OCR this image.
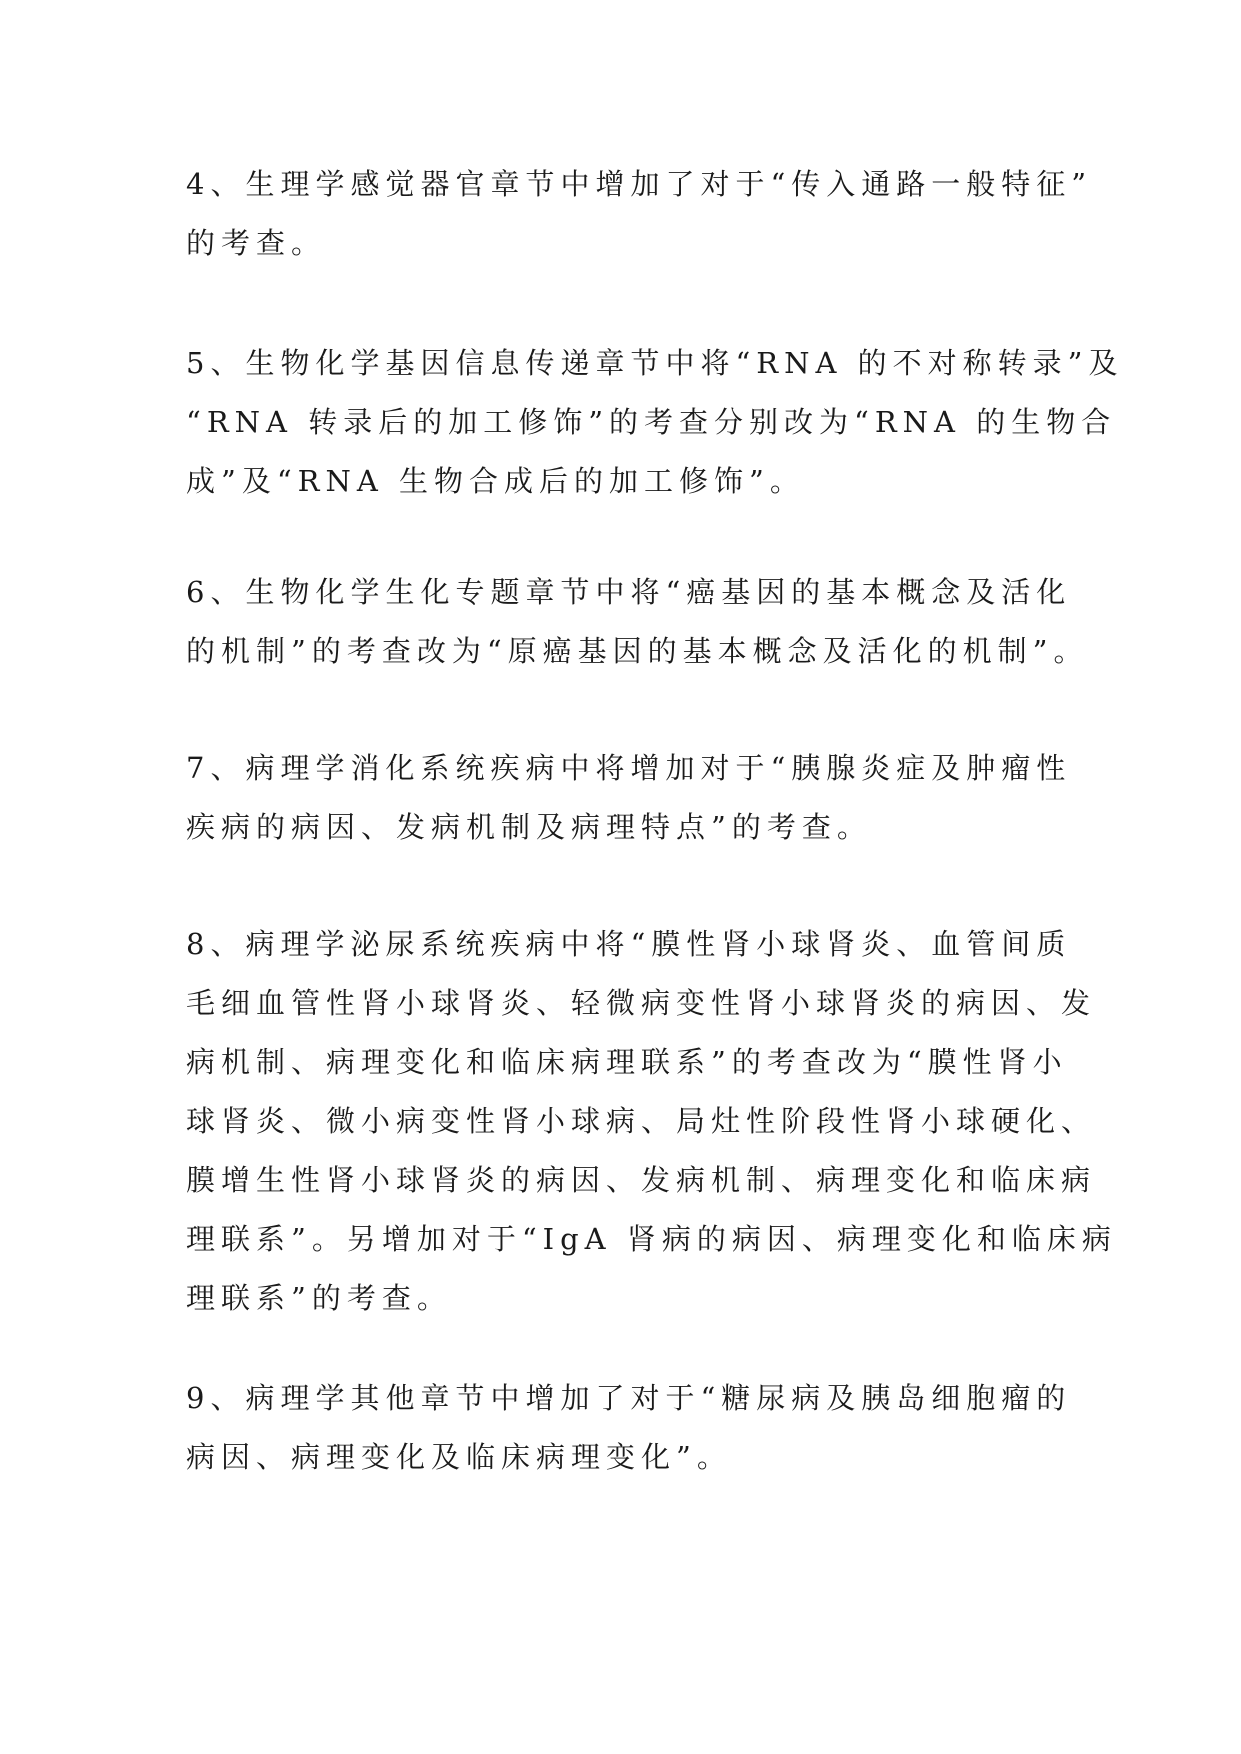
4、生理学感觉器官章节中增加了对于“传入通路一般特征”
的考查。
5、生物化学基因信息传递章节中将“RNA 的不对称转录”及
“RNA 转录后的加工修饰”的考查分别改为“RNA 的生物合
成”及“RNA 生物合成后的加工修饰”。
6、生物化学生化专题章节中将“癌基因的基本概念及活化
的机制”的考查改为“原癌基因的基本概念及活化的机制”。
7、病理学消化系统疾病中将增加对于“胰腺炎症及肿瘤性
疾病的病因、发病机制及病理特点”的考查。
8、病理学泌尿系统疾病中将“膜性肾小球肾炎、血管间质
毛细血管性肾小球肾炎、轻微病变性肾小球肾炎的病因、发
病机制、病理变化和临床病理联系”的考查改为“膜性肾小
球肾炎、微小病变性肾小球病、局灶性阶段性肾小球硬化、
膜增生性肾小球肾炎的病因、发病机制、病理变化和临床病
理联系”。另增加对于“IgA 肾病的病因、病理变化和临床病
理联系”的考查。
9、病理学其他章节中增加了对于“糖尿病及胰岛细胞瘤的
病因、病理变化及临床病理变化”。
